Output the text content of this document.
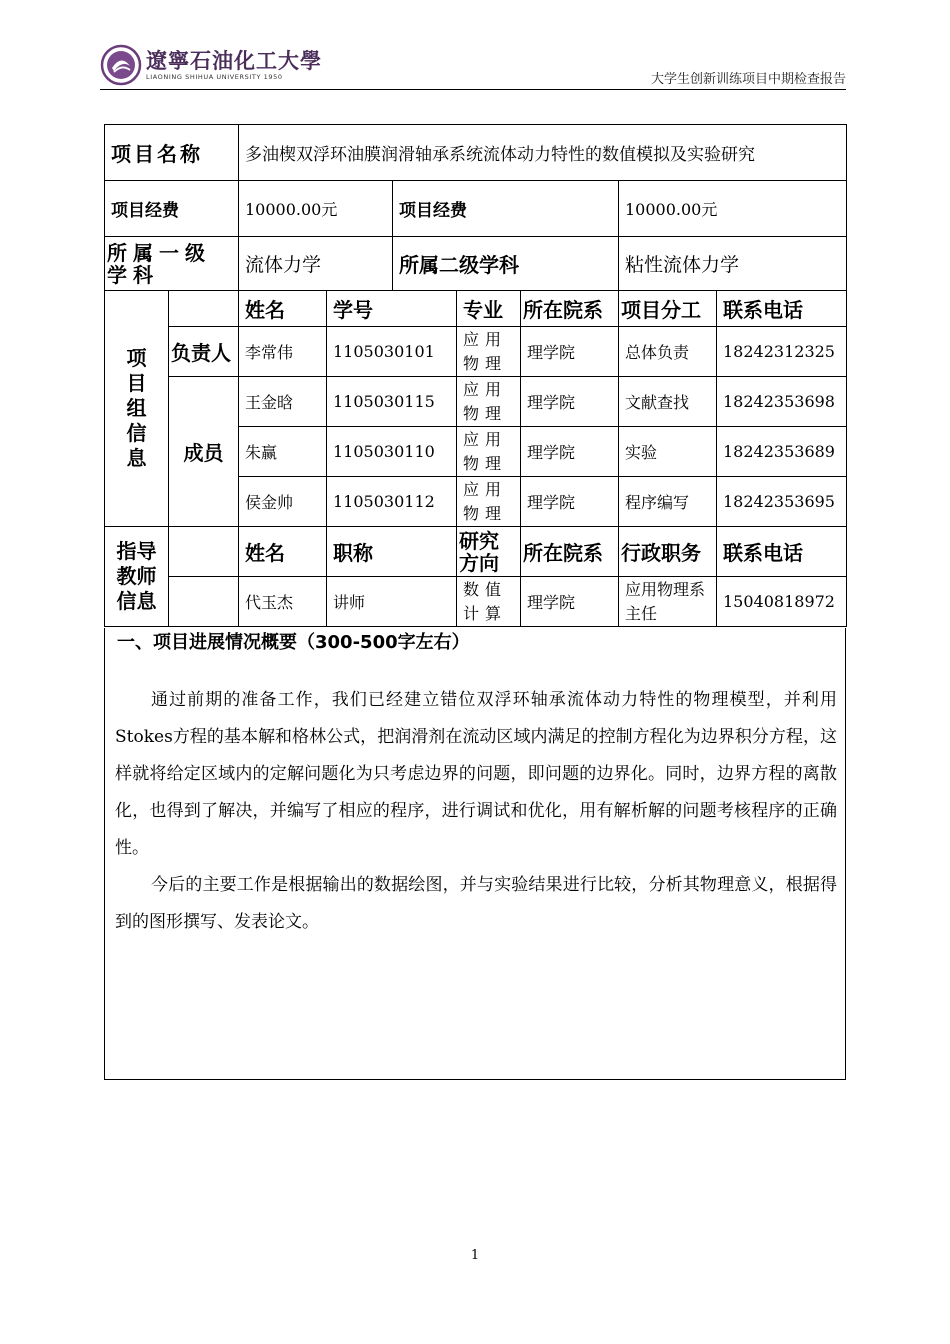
遼寧石油化工大學
LIAONING SHIHUA UNIVERSITY 1950	大学生创新训练项目中期检查报告
项目名称		多油楔双浮环油膜润滑轴承系统流体动力特性的数值模拟及实验研究						
项目经费		10000.00元		项目经费			10000.00元	
所属一级学科		流体力学		所属二级学科			粘性流体力学	
项目组信息		姓名	学号		专业	所在院系	项目分工	联系电话
	负责人	李常伟	1105030101		应用物理	理学院	总体负责	18242312325
	成员	王金晗	1105030115		应用物理	理学院	文献查找	18242353698
		朱赢	1105030110		应用物理	理学院	实验	18242353689
		侯金帅	1105030112		应用物理	理学院	程序编写	18242353695
指导教师信息		姓名	职称		研究方向	所在院系	行政职务	联系电话
		代玉杰	讲师		数值计算	理学院	应用物理系主任	15040818972
一、项目进展情况概要（300-500字左右）

通过前期的准备工作，我们已经建立错位双浮环轴承流体动力特性的物理模型，并利用Stokes方程的基本解和格林公式，把润滑剂在流动区域内满足的控制方程化为边界积分方程，这样就将给定区域内的定解问题化为只考虑边界的问题，即问题的边界化。同时，边界方程的离散化，也得到了解决，并编写了相应的程序，进行调试和优化，用有解析解的问题考核程序的正确性。

今后的主要工作是根据输出的数据绘图，并与实验结果进行比较，分析其物理意义，根据得到的图形撰写、发表论文。

1
